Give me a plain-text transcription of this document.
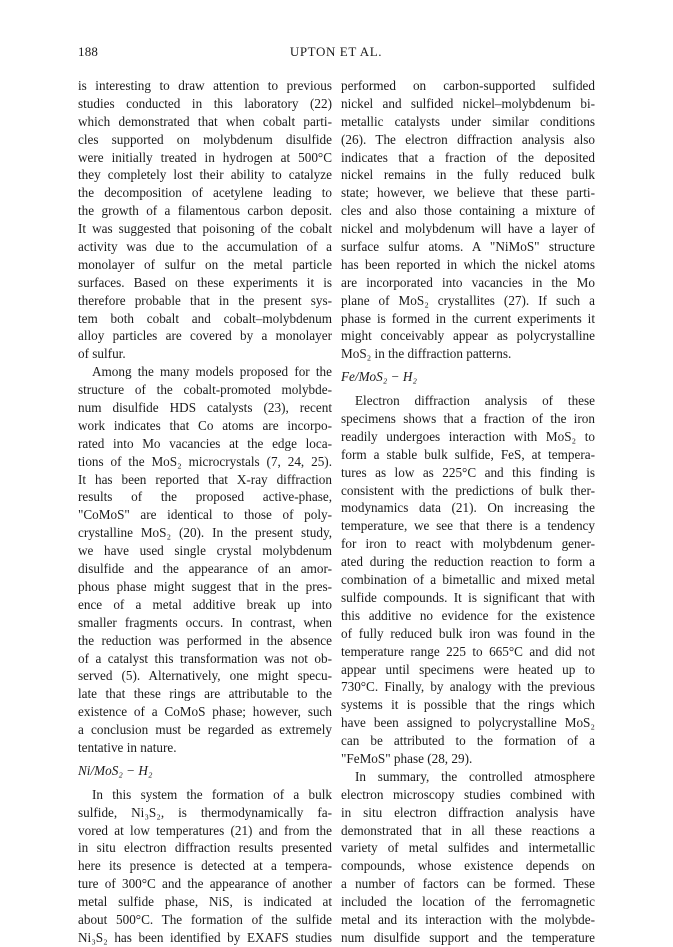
188	UPTON ET AL.
is interesting to draw attention to previous
studies conducted in this laboratory (22)
which demonstrated that when cobalt parti-
cles supported on molybdenum disulfide
were initially treated in hydrogen at 500°C
they completely lost their ability to catalyze
the decomposition of acetylene leading to
the growth of a filamentous carbon deposit.
It was suggested that poisoning of the cobalt
activity was due to the accumulation of a
monolayer of sulfur on the metal particle
surfaces. Based on these experiments it is
therefore probable that in the present sys-
tem both cobalt and cobalt–molybdenum
alloy particles are covered by a monolayer
of sulfur.
Among the many models proposed for the
structure of the cobalt-promoted molybde-
num disulfide HDS catalysts (23), recent
work indicates that Co atoms are incorpo-
rated into Mo vacancies at the edge loca-
tions of the MoS₂ microcrystals (7, 24, 25).
It has been reported that X-ray diffraction
results of the proposed active-phase,
"CoMoS" are identical to those of poly-
crystalline MoS₂ (20). In the present study,
we have used single crystal molybdenum
disulfide and the appearance of an amor-
phous phase might suggest that in the pres-
ence of a metal additive break up into
smaller fragments occurs. In contrast, when
the reduction was performed in the absence
of a catalyst this transformation was not ob-
served (5). Alternatively, one might specu-
late that these rings are attributable to the
existence of a CoMoS phase; however, such
a conclusion must be regarded as extremely
tentative in nature.
Ni/MoS₂ − H₂
In this system the formation of a bulk
sulfide, Ni₃S₂, is thermodynamically fa-
vored at low temperatures (21) and from the
in situ electron diffraction results presented
here its presence is detected at a tempera-
ture of 300°C and the appearance of another
metal sulfide phase, NiS, is indicated at
about 500°C. The formation of the sulfide
Ni₃S₂ has been identified by EXAFS studies
performed on carbon-supported sulfided
nickel and sulfided nickel–molybdenum bi-
metallic catalysts under similar conditions
(26). The electron diffraction analysis also
indicates that a fraction of the deposited
nickel remains in the fully reduced bulk
state; however, we believe that these parti-
cles and also those containing a mixture of
nickel and molybdenum will have a layer of
surface sulfur atoms. A "NiMoS" structure
has been reported in which the nickel atoms
are incorporated into vacancies in the Mo
plane of MoS₂ crystallites (27). If such a
phase is formed in the current experiments it
might conceivably appear as polycrystalline
MoS₂ in the diffraction patterns.
Fe/MoS₂ − H₂
Electron diffraction analysis of these
specimens shows that a fraction of the iron
readily undergoes interaction with MoS₂ to
form a stable bulk sulfide, FeS, at tempera-
tures as low as 225°C and this finding is
consistent with the predictions of bulk ther-
modynamics data (21). On increasing the
temperature, we see that there is a tendency
for iron to react with molybdenum gener-
ated during the reduction reaction to form a
combination of a bimetallic and mixed metal
sulfide compounds. It is significant that with
this additive no evidence for the existence
of fully reduced bulk iron was found in the
temperature range 225 to 665°C and did not
appear until specimens were heated up to
730°C. Finally, by analogy with the previous
systems it is possible that the rings which
have been assigned to polycrystalline MoS₂
can be attributed to the formation of a
"FeMoS" phase (28, 29).
In summary, the controlled atmosphere
electron microscopy studies combined with
in situ electron diffraction analysis have
demonstrated that in all these reactions a
variety of metal sulfides and intermetallic
compounds, whose existence depends on
a number of factors can be formed. These
included the location of the ferromagnetic
metal and its interaction with the molybde-
num disulfide support and the temperature
